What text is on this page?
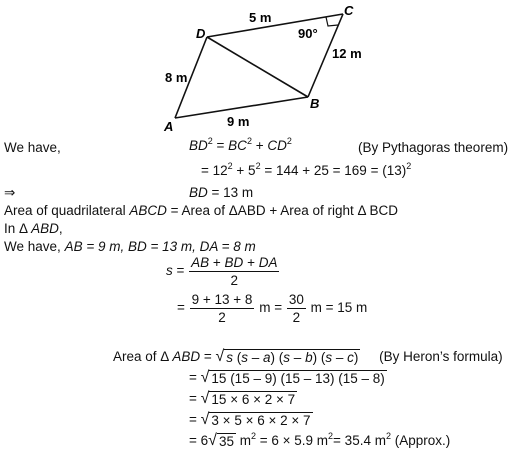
D
C
B
A
5 m
90°
12 m
8 m
9 m
We have,	$BD^2 = BC^2 + CD^2$	(By Pythagoras theorem)
= $12^2 + 5^2 = 144 + 25 = 169 = (13)^2$
⇒	BD = 13 m
Area of quadrilateral ABCD = Area of ΔABD + Area of right Δ BCD
In Δ ABD,
We have, AB = 9 m, BD = 13 m, DA = 8 m
$s = \frac{AB + BD + DA}{2}$
= $\frac{9 + 13 + 8}{2}$ $m = \frac{30}{2}$ m = 15 m
Area of Δ ABD = √ s (s – a) (s – b) (s – c) (By Heron’s formula)
= √ 15 (15 – 9) (15 – 13) (15 – 8)
= √ 15 × 6 × 2 × 7
= √ 3 × 5 × 6 × 2 × 7
= 6 √ 35 $m^2 = 6 \times 5.9$ $m^2= 35.4$ $m^2$ (Approx.)
